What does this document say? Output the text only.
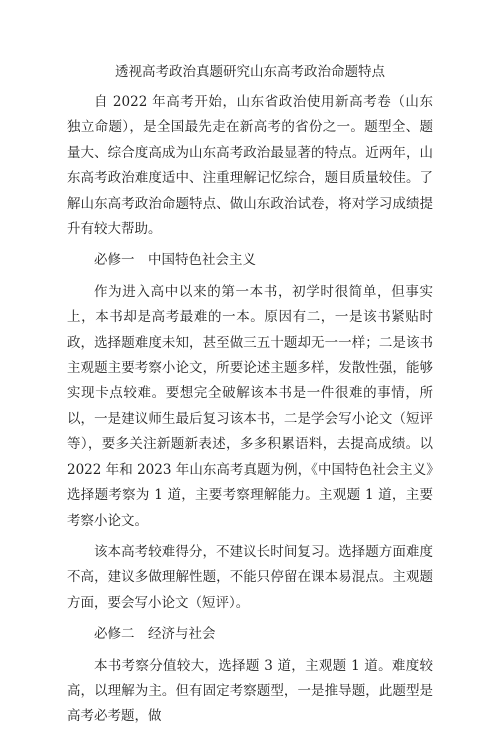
透视高考政治真题研究山东高考政治命题特点

自 2022 年高考开始，山东省政治使用新高考卷（山东独立命题），是全国最先走在新高考的省份之一。题型全、题量大、综合度高成为山东高考政治最显著的特点。近两年，山东高考政治难度适中、注重理解记忆综合，题目质量较佳。了解山东高考政治命题特点、做山东政治试卷，将对学习成绩提升有较大帮助。

必修一　中国特色社会主义

作为进入高中以来的第一本书，初学时很简单，但事实上，本书却是高考最难的一本。原因有二，一是该书紧贴时政，选择题难度未知，甚至做三五十题却无一一样；二是该书主观题主要考察小论文，所要论述主题多样，发散性强，能够实现卡点较难。要想完全破解该本书是一件很难的事情，所以，一是建议师生最后复习该本书，二是学会写小论文（短评等），要多关注新题新表述，多多积累语料，去提高成绩。以 2022 年和 2023 年山东高考真题为例，《中国特色社会主义》选择题考察为 1 道，主要考察理解能力。主观题 1 道，主要考察小论文。

该本高考较难得分，不建议长时间复习。选择题方面难度不高，建议多做理解性题，不能只停留在课本易混点。主观题方面，要会写小论文（短评）。

必修二　经济与社会

本书考察分值较大，选择题 3 道，主观题 1 道。难度较高，以理解为主。但有固定考察题型，一是推导题，此题型是高考必考题，做
